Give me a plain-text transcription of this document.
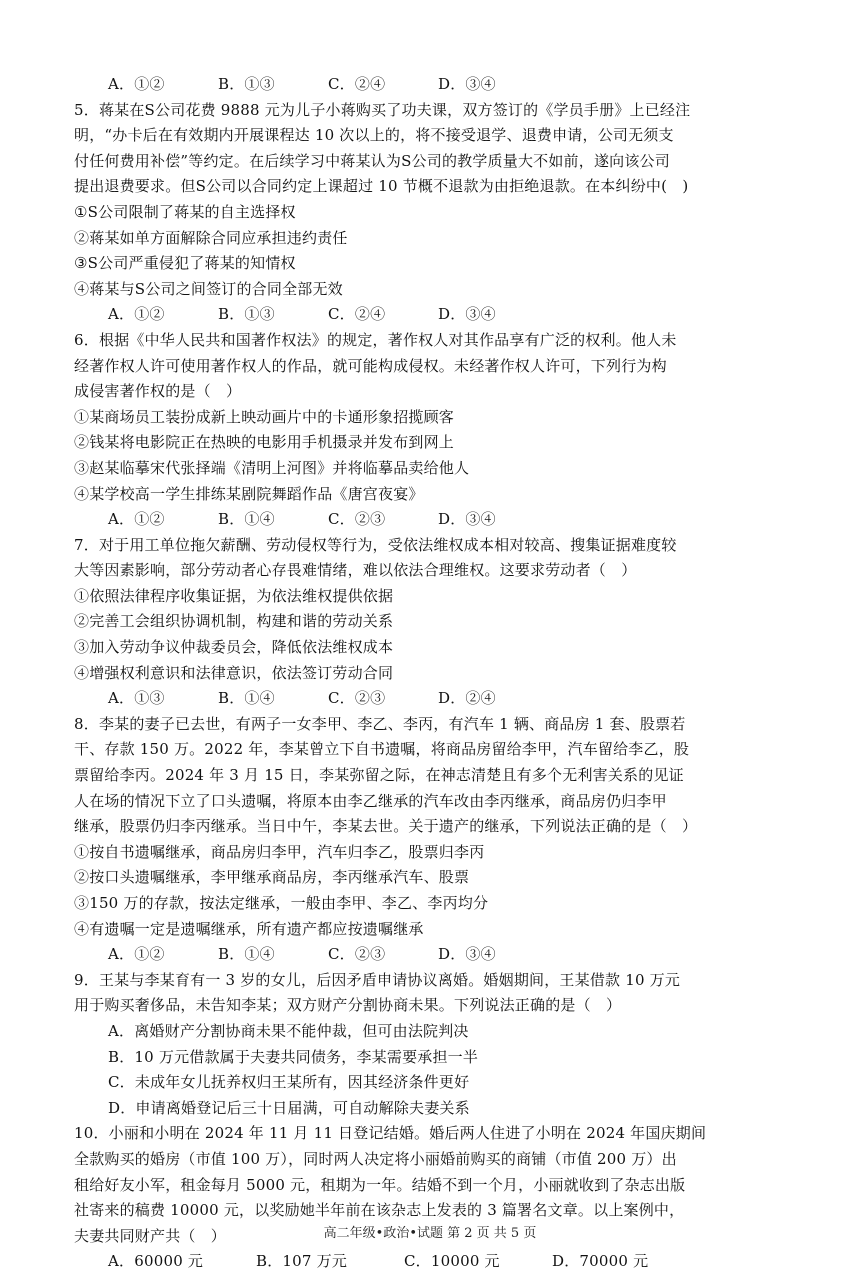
A．①②	B．①③	C．②④	D．③④
5．蒋某在S公司花费 9888 元为儿子小蒋购买了功夫课，双方签订的《学员手册》上已经注
明，“办卡后在有效期内开展课程达 10 次以上的，将不接受退学、退费申请，公司无须支
付任何费用补偿”等约定。在后续学习中蒋某认为S公司的教学质量大不如前，遂向该公司
提出退费要求。但S公司以合同约定上课超过 10 节概不退款为由拒绝退款。在本纠纷中(　)
①S公司限制了蒋某的自主选择权
②蒋某如单方面解除合同应承担违约责任
③S公司严重侵犯了蒋某的知情权
④蒋某与S公司之间签订的合同全部无效
A．①②	B．①③	C．②④	D．③④
6．根据《中华人民共和国著作权法》的规定，著作权人对其作品享有广泛的权利。他人未
经著作权人许可使用著作权人的作品，就可能构成侵权。未经著作权人许可，下列行为构
成侵害著作权的是（　）
①某商场员工装扮成新上映动画片中的卡通形象招揽顾客
②钱某将电影院正在热映的电影用手机摄录并发布到网上
③赵某临摹宋代张择端《清明上河图》并将临摹品卖给他人
④某学校高一学生排练某剧院舞蹈作品《唐宫夜宴》
A．①②	B．①④	C．②③	D．③④
7．对于用工单位拖欠薪酬、劳动侵权等行为，受依法维权成本相对较高、搜集证据难度较
大等因素影响，部分劳动者心存畏难情绪，难以依法合理维权。这要求劳动者（　）
①依照法律程序收集证据，为依法维权提供依据
②完善工会组织协调机制，构建和谐的劳动关系
③加入劳动争议仲裁委员会，降低依法维权成本
④增强权利意识和法律意识，依法签订劳动合同
A．①③	B．①④	C．②③	D．②④
8．李某的妻子已去世，有两子一女李甲、李乙、李丙，有汽车 1 辆、商品房 1 套、股票若
干、存款 150 万。2022 年，李某曾立下自书遗嘱，将商品房留给李甲，汽车留给李乙，股
票留给李丙。2024 年 3 月 15 日，李某弥留之际，在神志清楚且有多个无利害关系的见证
人在场的情况下立了口头遗嘱，将原本由李乙继承的汽车改由李丙继承，商品房仍归李甲
继承，股票仍归李丙继承。当日中午，李某去世。关于遗产的继承，下列说法正确的是（　）
①按自书遗嘱继承，商品房归李甲，汽车归李乙，股票归李丙
②按口头遗嘱继承，李甲继承商品房，李丙继承汽车、股票
③150 万的存款，按法定继承，一般由李甲、李乙、李丙均分
④有遗嘱一定是遗嘱继承，所有遗产都应按遗嘱继承
A．①②	B．①④	C．②③	D．③④
9．王某与李某育有一 3 岁的女儿，后因矛盾申请协议离婚。婚姻期间，王某借款 10 万元
用于购买奢侈品，未告知李某；双方财产分割协商未果。下列说法正确的是（　）
A．离婚财产分割协商未果不能仲裁，但可由法院判决
B．10 万元借款属于夫妻共同债务，李某需要承担一半
C．未成年女儿抚养权归王某所有，因其经济条件更好
D．申请离婚登记后三十日届满，可自动解除夫妻关系
10．小丽和小明在 2024 年 11 月 11 日登记结婚。婚后两人住进了小明在 2024 年国庆期间
全款购买的婚房（市值 100 万），同时两人决定将小丽婚前购买的商铺（市值 200 万）出
租给好友小军，租金每月 5000 元，租期为一年。结婚不到一个月，小丽就收到了杂志出版
社寄来的稿费 10000 元，以奖励她半年前在该杂志上发表的 3 篇署名文章。以上案例中，
夫妻共同财产共（　）
A．60000 元	B．107 万元	C．10000 元	D．70000 元
高二年级•政治•试题 第 2 页 共 5 页
